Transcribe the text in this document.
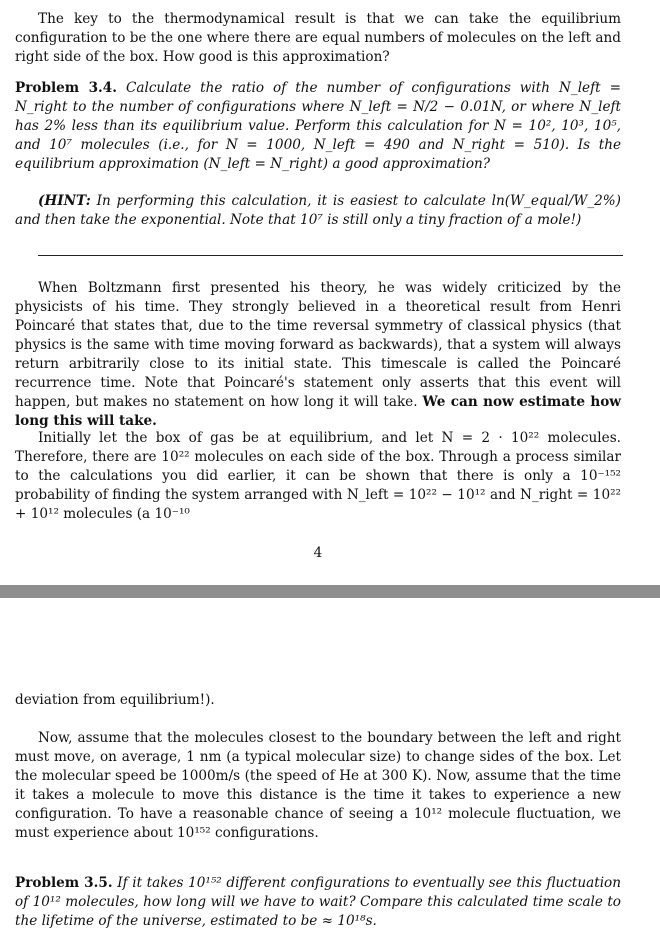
The key to the thermodynamical result is that we can take the equilibrium configuration to be the one where there are equal numbers of molecules on the left and right side of the box. How good is this approximation?

Problem 3.4. Calculate the ratio of the number of configurations with N_left = N_right to the number of configurations where N_left = N/2 − 0.01N, or where N_left has 2% less than its equilibrium value. Perform this calculation for N = 10², 10³, 10⁵, and 10⁷ molecules (i.e., for N = 1000, N_left = 490 and N_right = 510). Is the equilibrium approximation (N_left = N_right) a good approximation?
(HINT: In performing this calculation, it is easiest to calculate ln(W_equal/W_2%) and then take the exponential. Note that 10⁷ is still only a tiny fraction of a mole!)
When Boltzmann first presented his theory, he was widely criticized by the physicists of his time. They strongly believed in a theoretical result from Henri Poincaré that states that, due to the time reversal symmetry of classical physics (that physics is the same with time moving forward as backwards), that a system will always return arbitrarily close to its initial state. This timescale is called the Poincaré recurrence time. Note that Poincaré's statement only asserts that this event will happen, but makes no statement on how long it will take. We can now estimate how long this will take.

Initially let the box of gas be at equilibrium, and let N = 2 · 10²² molecules. Therefore, there are 10²² molecules on each side of the box. Through a process similar to the calculations you did earlier, it can be shown that there is only a 10⁻¹⁵² probability of finding the system arranged with N_left = 10²² − 10¹² and N_right = 10²² + 10¹² molecules (a 10⁻¹⁰

4

deviation from equilibrium!).

Now, assume that the molecules closest to the boundary between the left and right must move, on average, 1 nm (a typical molecular size) to change sides of the box. Let the molecular speed be 1000m/s (the speed of He at 300 K). Now, assume that the time it takes a molecule to move this distance is the time it takes to experience a new configuration. To have a reasonable chance of seeing a 10¹² molecule fluctuation, we must experience about 10¹⁵² configurations.

Problem 3.5. If it takes 10¹⁵² different configurations to eventually see this fluctuation of 10¹² molecules, how long will we have to wait? Compare this calculated time scale to the lifetime of the universe, estimated to be ≈ 10¹⁸s.
